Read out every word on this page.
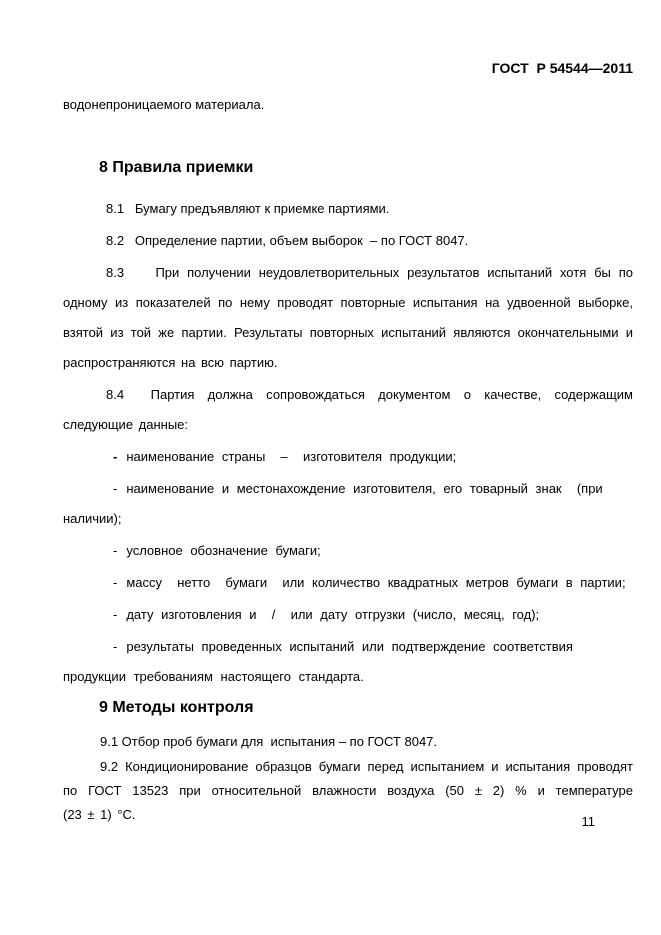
ГОСТ  Р 54544—2011

водонепроницаемого материала.

8 Правила приемки

8.1   Бумагу предъявляют к приемке партиями.

8.2   Определение партии, объем выборок  – по ГОСТ 8047.

8.3    При получении неудовлетворительных результатов испытаний хотя бы по одному из показателей по нему проводят повторные испытания на удвоенной выборке, взятой из той же партии. Результаты повторных испытаний являются окончательными и распространяются на всю партию.

8.4  Партия должна сопровождаться документом о качестве, содержащим следующие данные:

- наименование страны  –  изготовителя продукции;

- наименование и местонахождение изготовителя, его товарный знак  (при наличии);

- условное обозначение бумаги;

- массу  нетто  бумаги  или количество квадратных метров бумаги в партии;

- дату изготовления и  /  или дату отгрузки (число, месяц, год);

- результаты проведенных испытаний или подтверждение соответствия продукции требованиям настоящего стандарта.

9 Методы контроля

9.1 Отбор проб бумаги для  испытания – по ГОСТ 8047.

9.2 Кондиционирование образцов бумаги перед испытанием и испытания проводят по ГОСТ 13523 при относительной влажности воздуха (50 ± 2) % и температуре (23 ± 1) °С.	11
